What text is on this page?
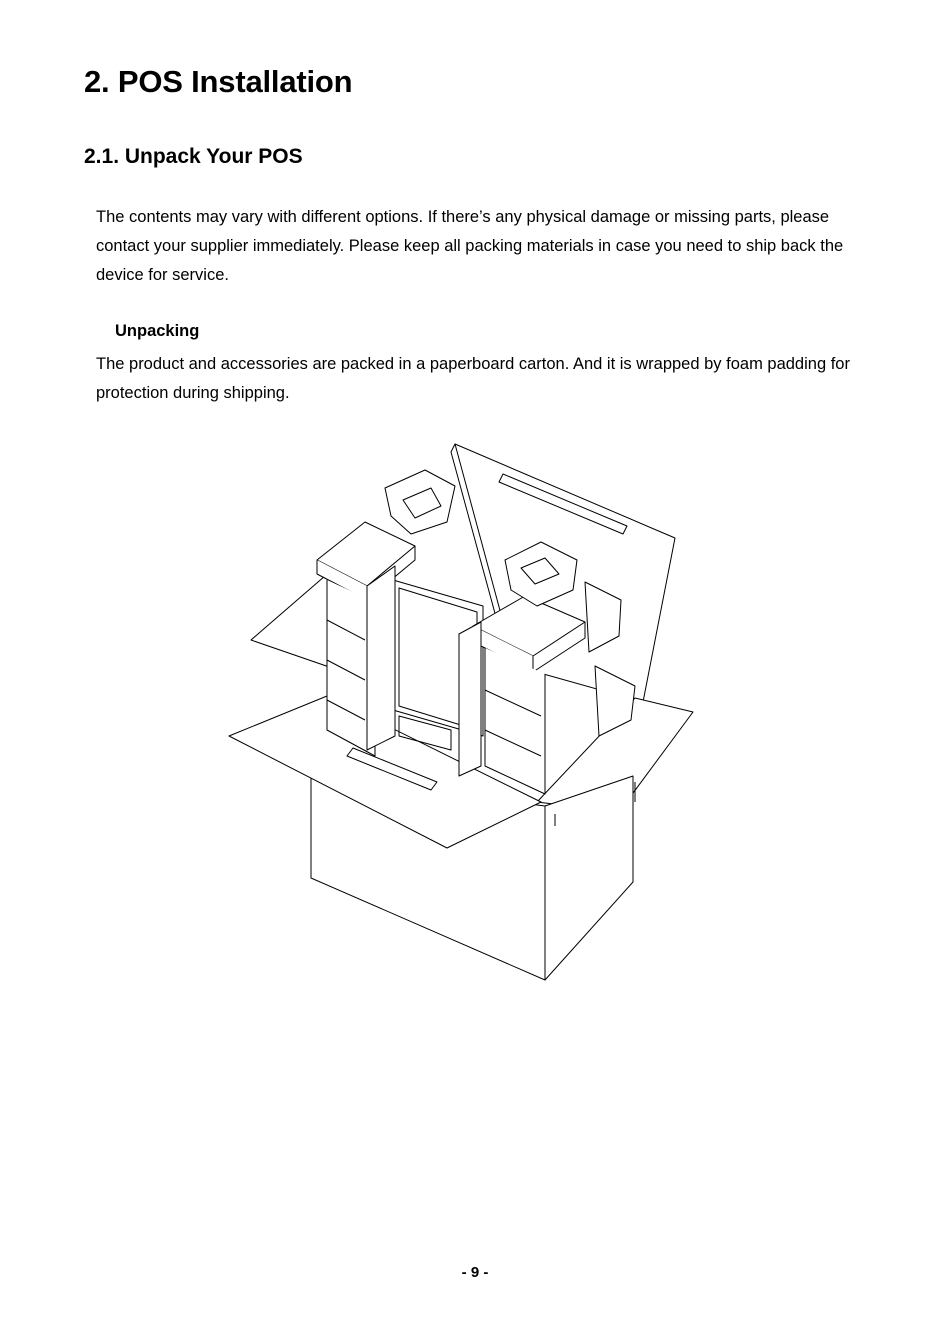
2. POS Installation
2.1. Unpack Your POS

The contents may vary with different options. If there’s any physical damage or missing parts, please contact your supplier immediately. Please keep all packing materials in case you need to ship back the device for service.

Unpacking

The product and accessories are packed in a paperboard carton. And it is wrapped by foam padding for protection during shipping.

- 9 -
